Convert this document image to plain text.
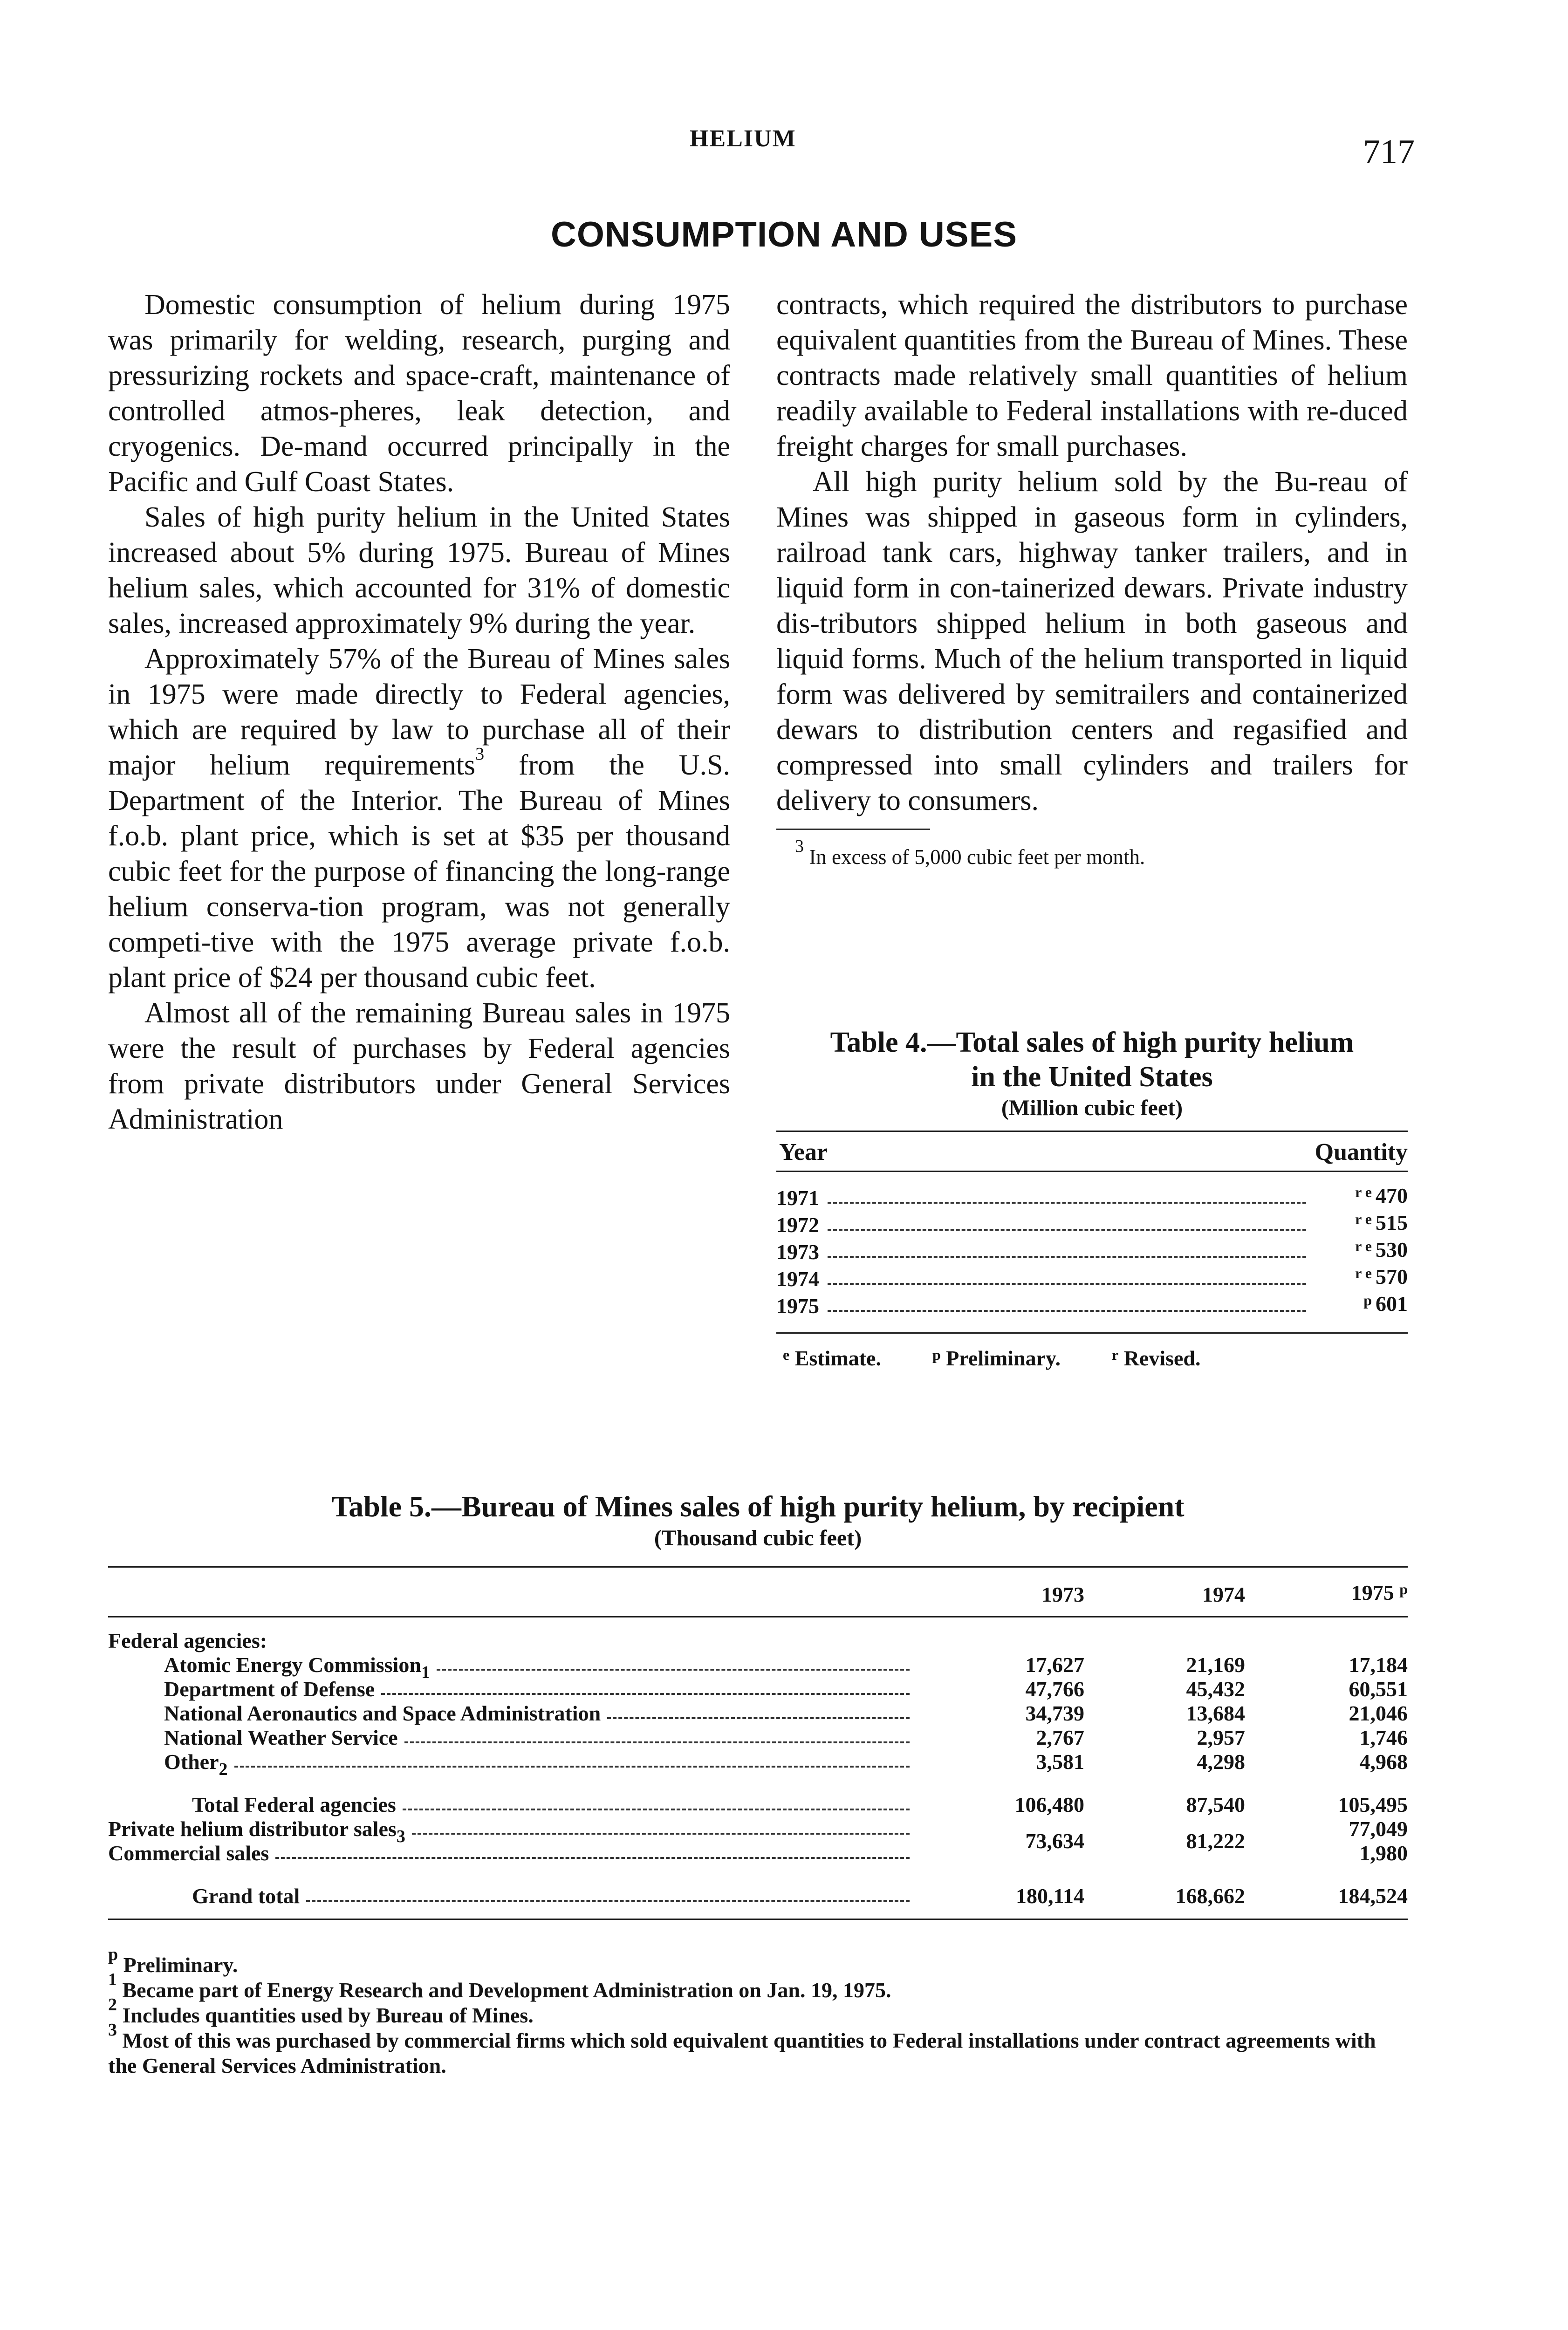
HELIUM	717
CONSUMPTION AND USES

Domestic consumption of helium during 1975 was primarily for welding, research, purging and pressurizing rockets and space-craft, maintenance of controlled atmos-pheres, leak detection, and cryogenics. De-mand occurred principally in the Pacific and Gulf Coast States.

Sales of high purity helium in the United States increased about 5% during 1975. Bureau of Mines helium sales, which accounted for 31% of domestic sales, increased approximately 9% during the year.

Approximately 57% of the Bureau of Mines sales in 1975 were made directly to Federal agencies, which are required by law to purchase all of their major helium requirements$^3$ from the U.S. Department of the Interior. The Bureau of Mines f.o.b. plant price, which is set at $35 per thousand cubic feet for the purpose of financing the long-range helium conserva-tion program, was not generally competi-tive with the 1975 average private f.o.b. plant price of $24 per thousand cubic feet.

Almost all of the remaining Bureau sales in 1975 were the result of purchases by Federal agencies from private distributors under General Services Administration

contracts, which required the distributors to purchase equivalent quantities from the Bureau of Mines. These contracts made relatively small quantities of helium readily available to Federal installations with re-duced freight charges for small purchases.

All high purity helium sold by the Bu-reau of Mines was shipped in gaseous form in cylinders, railroad tank cars, highway tanker trailers, and in liquid form in con-tainerized dewars. Private industry dis-tributors shipped helium in both gaseous and liquid forms. Much of the helium transported in liquid form was delivered by semitrailers and containerized dewars to distribution centers and regasified and compressed into small cylinders and trailers for delivery to consumers.

$^3$ In excess of 5,000 cubic feet per month.
Table 4.—Total sales of high purity helium
in the United States
(Million cubic feet)
Year	Quantity
1971	$^{r e}$ 470
1972	$^{r e}$ 515
1973	$^{r e}$ 530
1974	$^{r e}$ 570
1975	$^p$ 601
$^e$ Estimate.	$^p$ Preliminary.	$^r$ Revised.
Table 5.—Bureau of Mines sales of high purity helium, by recipient
(Thousand cubic feet)
	1973	1974	1975 $^p$
Federal agencies:			

Atomic Energy Commission$^1$	17,627	21,169	17,184

Department of Defense	47,766	45,432	60,551

National Aeronautics and Space Administration	34,739	13,684	21,046

National Weather Service	2,767	2,957	1,746

Other$^2$	3,581	4,298	4,968

Total Federal agencies	106,480	87,540	105,495

Private helium distributor sales$^3$	73,634	81,222	77,049

Commercial sales			1,980

Grand total	180,114	168,662	184,524
$^p$ Preliminary.
$^1$ Became part of Energy Research and Development Administration on Jan. 19, 1975.
$^2$ Includes quantities used by Bureau of Mines.
$^3$ Most of this was purchased by commercial firms which sold equivalent quantities to Federal installations under contract agreements with the General Services Administration.
